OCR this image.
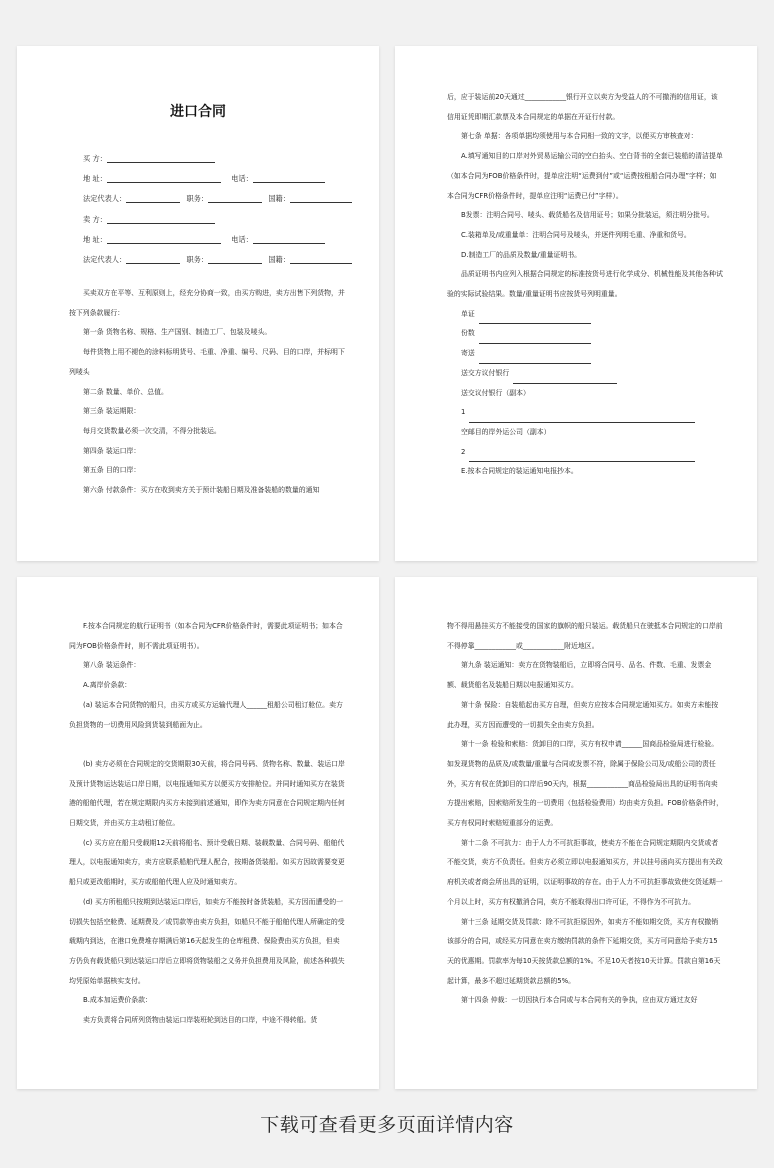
进口合同
买 方：
地 址：	电话：
法定代表人：	职务：	国籍：
卖 方：
地 址：	电话：
法定代表人：	职务：	国籍：

买卖双方在平等、互利原则上，经充分协商一致，由买方购进，卖方出售下列货物，并按下列条款履行：

第一条 货物名称、规格、生产国别、制造工厂、包装及唛头。

每件货物上用不褪色的涂料标明货号、毛重、净重、编号、尺码、目的口岸，并标明下列唛头

第二条 数量、单价、总值。

第三条 装运期限：

每月交货数量必须一次交清，不得分批装运。

第四条 装运口岸：

第五条 目的口岸：

第六条 付款条件：买方在收到卖方关于预计装船日期及准备装船的数量的通知

后，应于装运前20天通过____________银行开立以卖方为受益人的不可撤消的信用证，该信用证凭即期汇款票及本合同规定的单据在开证行付款。

第七条 单据：各项单据均须使用与本合同相一致的文字，以便买方审核查对：

A.填写通知目的口岸对外贸易运输公司的空白抬头、空白背书的全套已装船的清洁提单（如本合同为FOB价格条件时，提单应注明“运费到付”或“运费按租船合同办理”字样；如本合同为CFR价格条件时，提单应注明“运费已付”字样）。

B发票：注明合同号、唛头、载货船名及信用证号；如果分批装运，须注明分批号。

C.装箱单及/或重量单：注明合同号及唛头，并逐件列明毛重、净重和货号。

D.制造工厂的品质及数量/重量证明书。

品质证明书内应列入根据合同规定的标准按货号进行化学成分、机械性能及其他各种试验的实际试验结果。数量/重量证明书应按货号列明重量。

单证
份数
寄送
送交方议付银行
送交议付银行（副本）
1
空邮目的岸外运公司（副本）
2

E.按本合同规定的装运通知电报抄本。

F.按本合同规定的航行证明书（如本合同为CFR价格条件时，需要此项证明书；如本合同为FOB价格条件时，则不需此项证明书）。

第八条 装运条件：

A.离岸价条款：

(a) 装运本合同货物的船只，由买方或买方运输代理人______租船公司租订舱位。卖方负担货物的一切费用风险到货装到船面为止。

(b) 卖方必须在合同规定的交货期限30天前，将合同号码、货物名称、数量、装运口岸及预计货物运达装运口岸日期，以电报通知买方以便买方安排舱位。并同时通知买方在装货港的船舶代理，若在规定期限内买方未接到前述通知，即作为卖方同意在合同规定期内任何日期交货，并由买方主动租订舱位。

(c) 买方应在船只受载期12天前将船名、预计受载日期、装载数量、合同号码、船舶代理人，以电报通知卖方，卖方应联系船舶代理人配合，按期备货装船。如买方因故需要变更船只或更改船期时，买方或船舶代理人应及时通知卖方。

(d) 买方所租船只按期到达装运口岸后，如卖方不能按时备货装船，买方因而遭受的一切损失包括空舱费、延期费及／或罚款等由卖方负担，如船只不能于船舶代理人所确定的受载期内到达，在港口免费堆存期满后第16天起发生的仓库租费、保险费由买方负担，但卖方仍负有载货船只到达装运口岸后立即将货物装船之义务并负担费用及风险，前述各种损失均凭原始单据核实支付。

B.成本加运费价条款：

卖方负责将合同所列货物由装运口岸装班轮到达目的口岸，中途不得转船。货

物不得用悬挂买方不能接受的国家的旗帜的船只装运。载货船只在驶抵本合同规定的口岸前不得停靠____________或____________附近地区。

第九条 装运通知：卖方在货物装船后，立即将合同号、品名、件数、毛重、发票金额、载货船名及装船日期以电报通知买方。

第十条 保险：自装船起由买方自理，但卖方应按本合同规定通知买方。如卖方未能按此办理，买方因而遭受的一切损失全由卖方负担。

第十一条 检验和索赔：货卸目的口岸，买方有权申请______国商品检验局进行检验。如发现货物的品质及/或数量/重量与合同或发票不符，除属于保险公司及/或船公司的责任外，买方有权在货卸目的口岸后90天内，根据____________商品检验局出具的证明书向卖方提出索赔，因索赔所发生的一切费用（包括检验费用）均由卖方负担。FOB价格条件时，买方有权同时索赔短重部分的运费。

第十二条 不可抗力：由于人力不可抗拒事故，使卖方不能在合同规定期限内交货或者不能交货，卖方不负责任。但卖方必须立即以电报通知买方，并以挂号函向买方提出有关政府机关或者商会所出具的证明，以证明事故的存在。由于人力不可抗拒事故致使交货延期一个月以上时，买方有权撤消合同，卖方不能取得出口许可证，不得作为不可抗力。

第十三条 延期交货及罚款：除不可抗拒原因外，如卖方不能如期交货，买方有权撤销该部分的合同，或经买方同意在卖方缴纳罚款的条件下延期交货，买方可同意给予卖方15天的优惠期。罚款率为每10天按货款总额的1%。不足10天者按10天计算。罚款自第16天起计算，最多不超过延期货款总额的5%。

第十四条 仲裁：一切因执行本合同或与本合同有关的争执，应由双方通过友好

下载可查看更多页面详情内容
